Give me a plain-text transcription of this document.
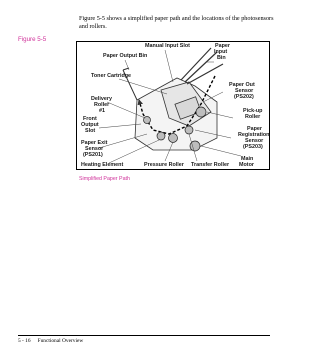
Figure 5-5 shows a simplified paper path and the locations of the photosensors and rollers.

Figure 5-5
Manual Input Slot	Paper Input Bin
Paper Output Bin
Toner Cartridge
Paper Out Sensor (PS202)
Delivery Roller #1	Pick-up Roller
Front Output Slot	Paper Registration Sensor (PS203)
Paper Exit Sensor (PS201)
Main Motor
Heating Element	Pressure Roller Transfer Roller
Simplified Paper Path
5 - 16 Functional Overview
